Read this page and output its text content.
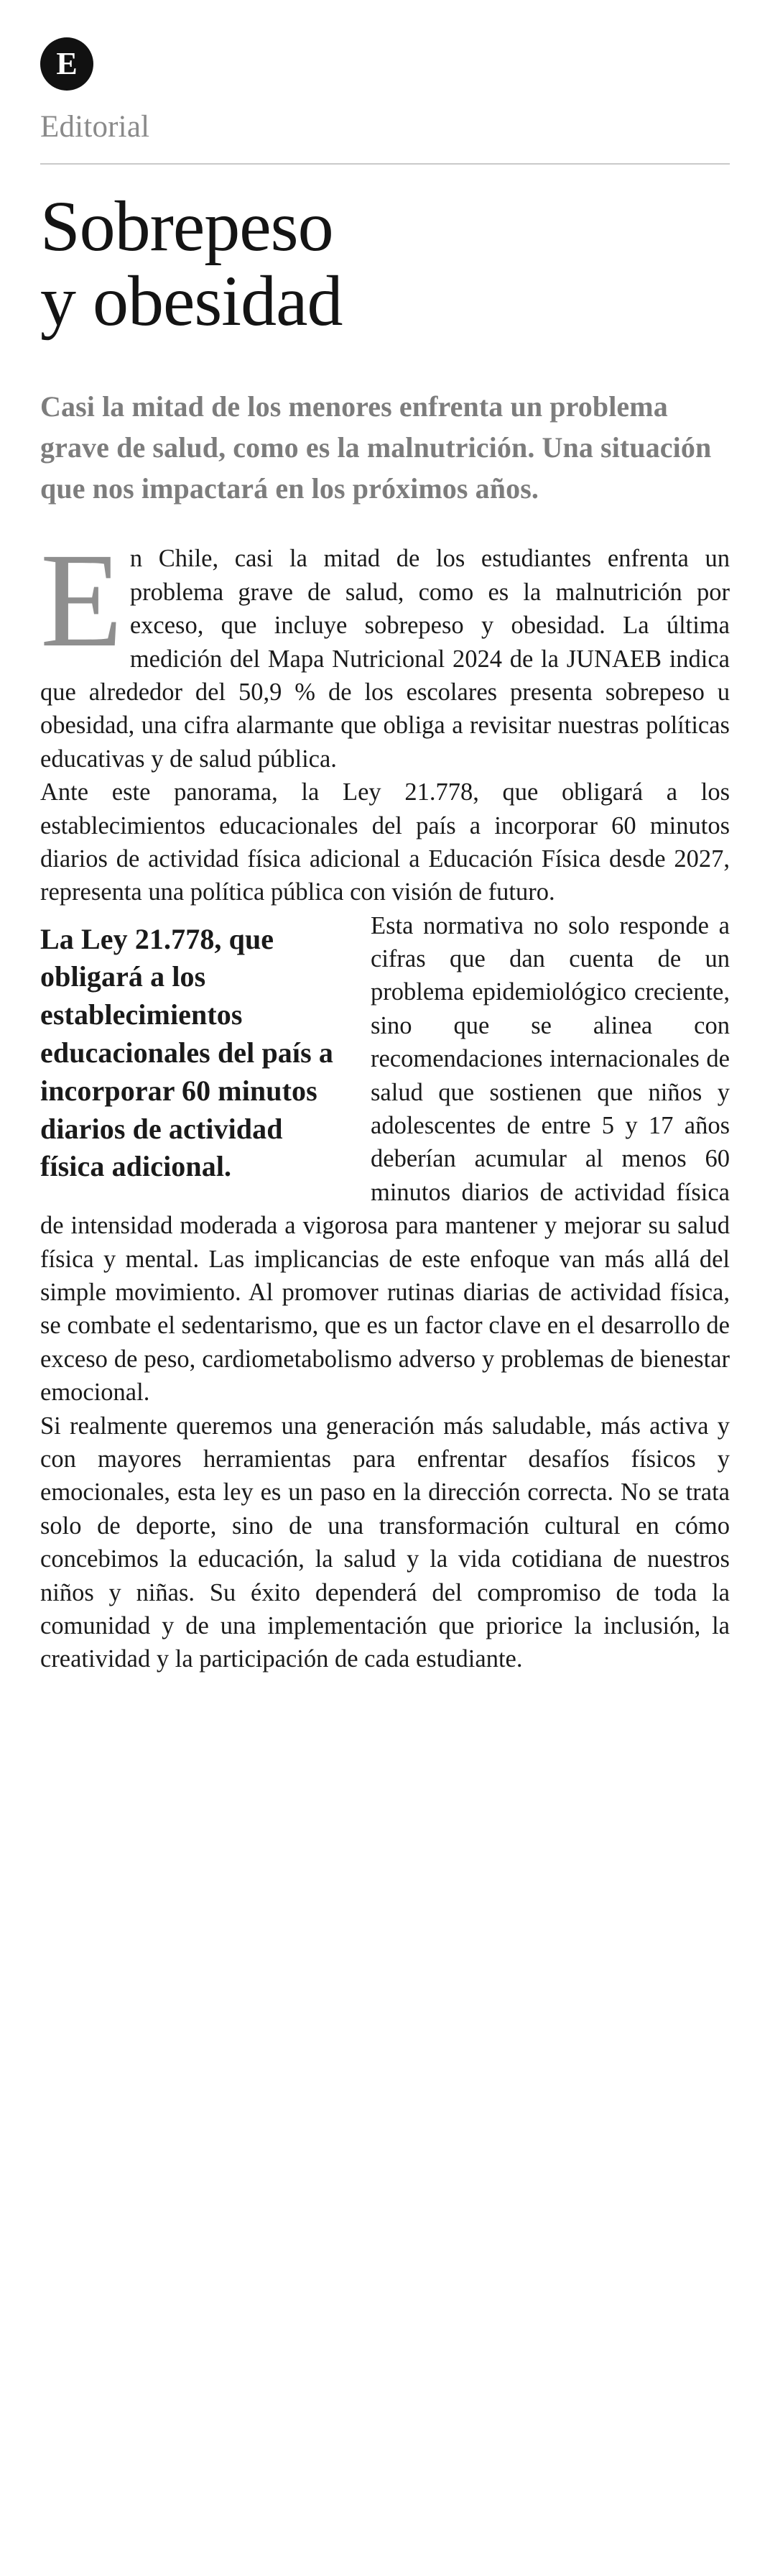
E
Editorial
Sobrepeso
y obesidad
Casi la mitad de los menores enfrenta un problema grave de salud, como es la malnutrición. Una situación que nos impactará en los próximos años.
E n Chile, casi la mitad de los estudiantes enfrenta un problema grave de salud, como es la malnutrición por exceso, que incluye sobrepeso y obesidad. La última medición del Mapa Nutricional 2024 de la JUNAEB indica que alrededor del 50,9 % de los escolares presenta sobrepeso u obesidad, una cifra alarmante que obliga a revisitar nuestras políticas educativas y de salud pública.

Ante este panorama, la Ley 21.778, que obligará a los establecimientos educacionales del país a incorporar 60 minutos diarios de actividad física adicional a Educación Física desde 2027, representa una política pública con visión de futuro.

La Ley 21.778, que obligará a los establecimientos educacionales del país a incorporar 60 minutos diarios de actividad física adicional.

Esta normativa no solo responde a cifras que dan cuenta de un problema epidemiológico creciente, sino que se alinea con recomendaciones internacionales de salud que sostienen que niños y adolescentes de entre 5 y 17 años deberían acumular al menos 60 minutos diarios de actividad física de intensidad moderada a vigorosa para mantener y mejorar su salud física y mental. Las implicancias de este enfoque van más allá del simple movimiento. Al promover rutinas diarias de actividad física, se combate el sedentarismo, que es un factor clave en el desarrollo de exceso de peso, cardiometabolismo adverso y problemas de bienestar emocional.

Si realmente queremos una generación más saludable, más activa y con mayores herramientas para enfrentar desafíos físicos y emocionales, esta ley es un paso en la dirección correcta. No se trata solo de deporte, sino de una transformación cultural en cómo concebimos la educación, la salud y la vida cotidiana de nuestros niños y niñas. Su éxito dependerá del compromiso de toda la comunidad y de una implementación que priorice la inclusión, la creatividad y la participación de cada estudiante.
